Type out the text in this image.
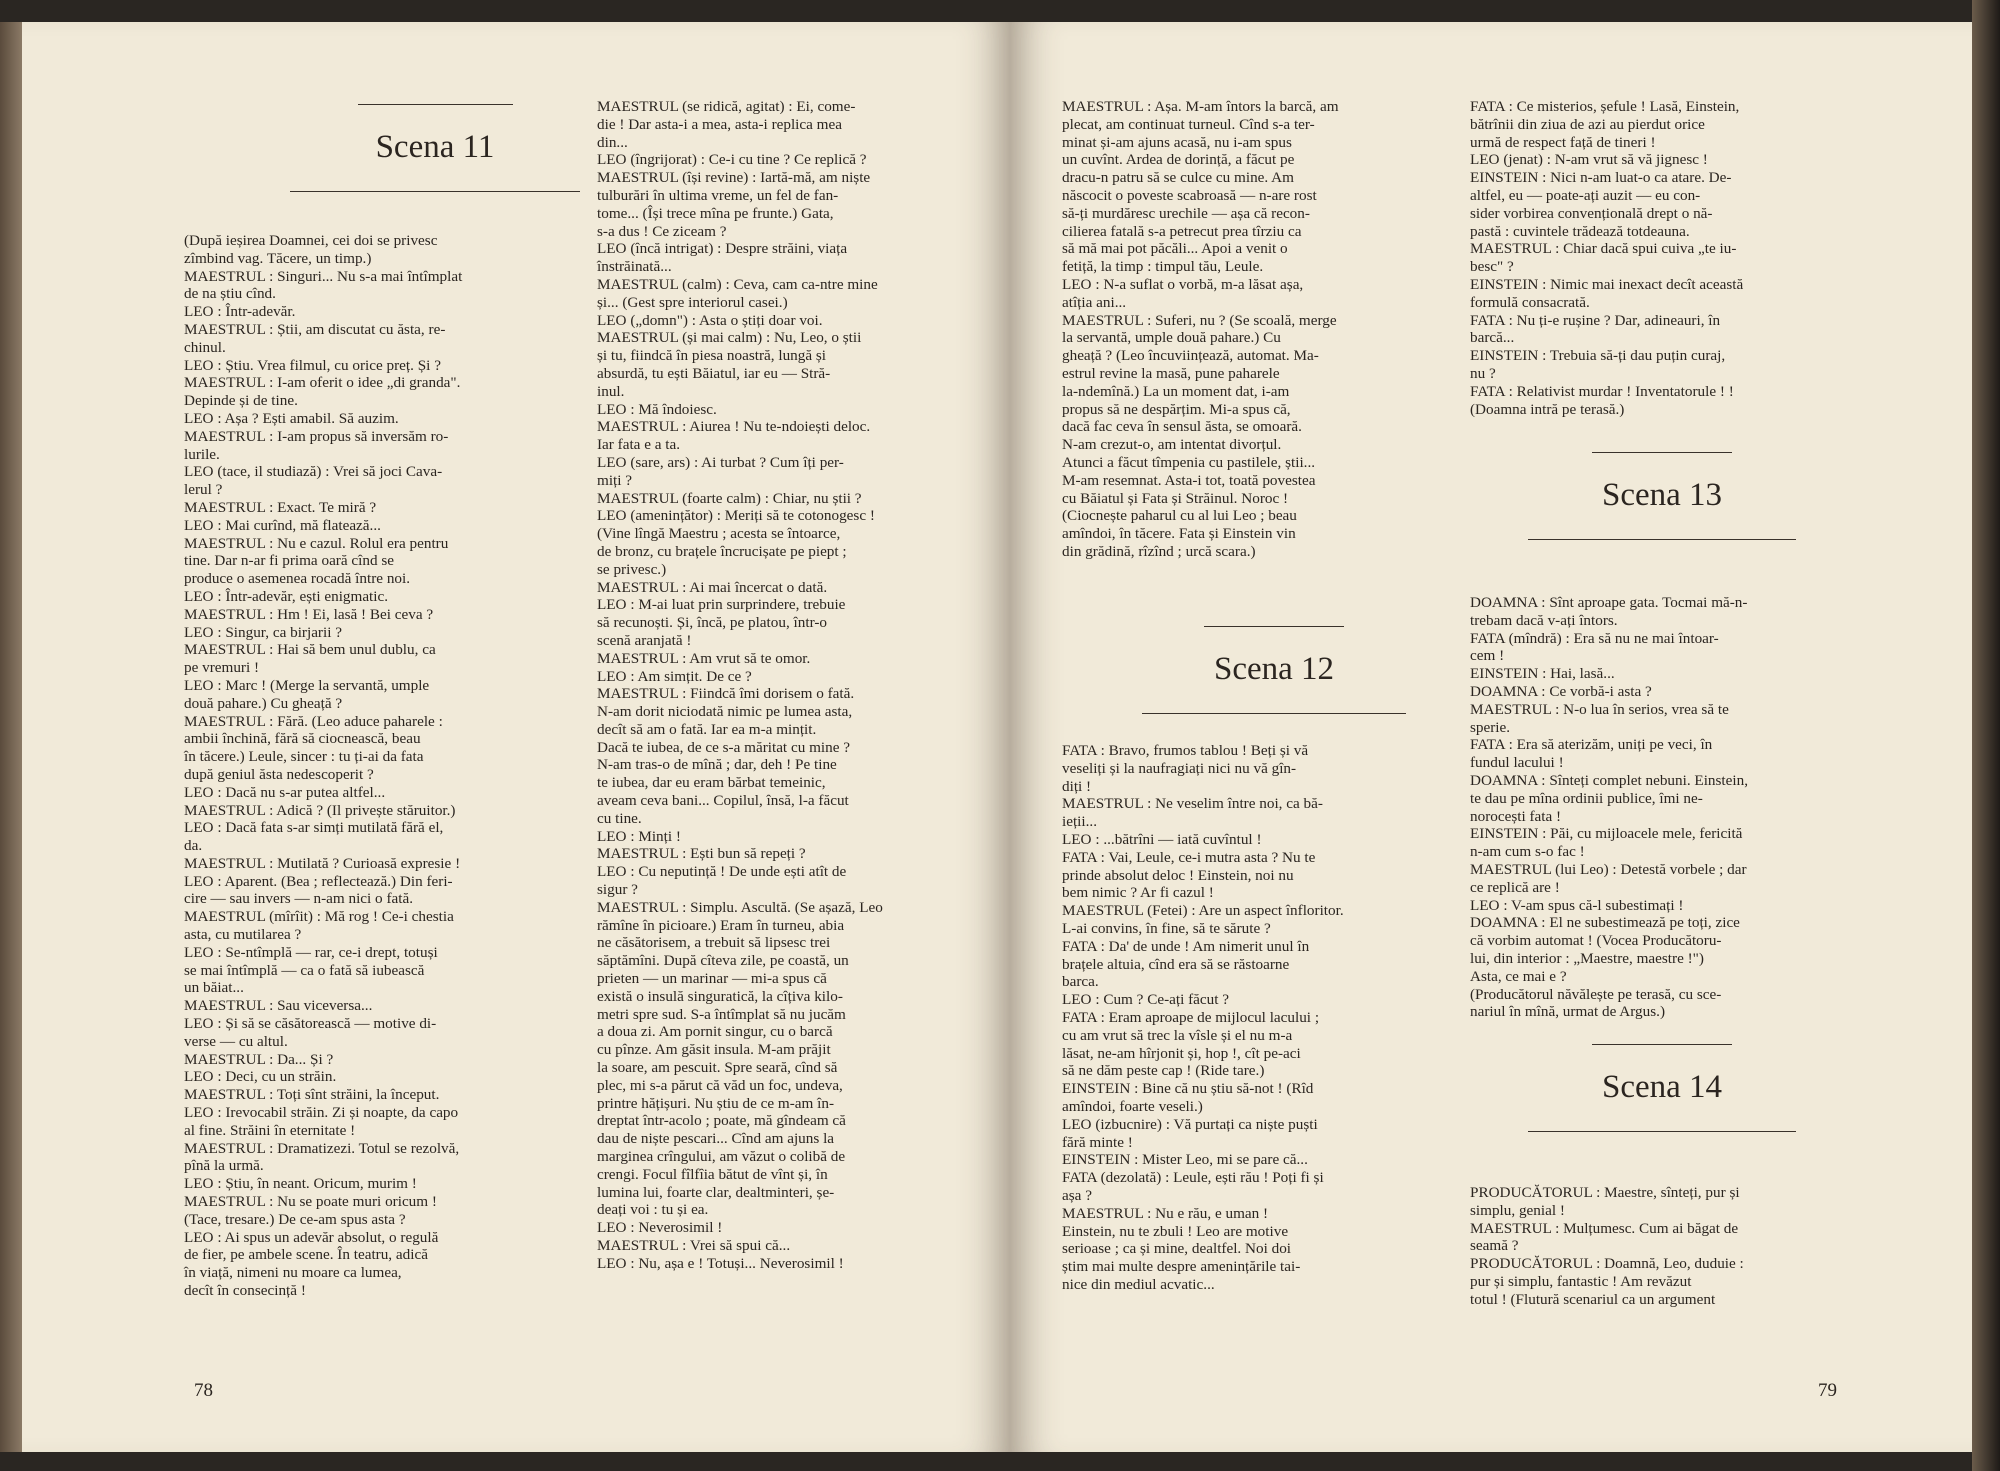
Scena 11

(După ieșirea Doamnei, cei doi se privesc

zîmbind vag. Tăcere, un timp.)

MAESTRUL : Singuri... Nu s-a mai întîmplat

de na știu cînd.

LEO : Într-adevăr.

MAESTRUL : Știi, am discutat cu ăsta, re-

chinul.

LEO : Știu. Vrea filmul, cu orice preț. Și ?

MAESTRUL : I-am oferit o idee „di granda".

Depinde și de tine.

LEO : Așa ? Ești amabil. Să auzim.

MAESTRUL : I-am propus să inversăm ro-

lurile.

LEO (tace, il studiază) : Vrei să joci Cava-

lerul ?

MAESTRUL : Exact. Te miră ?

LEO : Mai curînd, mă flatează...

MAESTRUL : Nu e cazul. Rolul era pentru

tine. Dar n-ar fi prima oară cînd se

produce o asemenea rocadă între noi.

LEO : Într-adevăr, ești enigmatic.

MAESTRUL : Hm ! Ei, lasă ! Bei ceva ?

LEO : Singur, ca birjarii ?

MAESTRUL : Hai să bem unul dublu, ca

pe vremuri !

LEO : Marc ! (Merge la servantă, umple

două pahare.) Cu gheață ?

MAESTRUL : Fără. (Leo aduce paharele :

ambii închină, fără să ciocnească, beau

în tăcere.) Leule, sincer : tu ți-ai da fata

după geniul ăsta nedescoperit ?

LEO : Dacă nu s-ar putea altfel...

MAESTRUL : Adică ? (Il privește stăruitor.)

LEO : Dacă fata s-ar simți mutilată fără el,

da.

MAESTRUL : Mutilată ? Curioasă expresie !

LEO : Aparent. (Bea ; reflectează.) Din feri-

cire — sau invers — n-am nici o fată.

MAESTRUL (mîrîit) : Mă rog ! Ce-i chestia

asta, cu mutilarea ?

LEO : Se-ntîmplă — rar, ce-i drept, totuși

se mai întîmplă — ca o fată să iubească

un băiat...

MAESTRUL : Sau viceversa...

LEO : Și să se căsătorească — motive di-

verse — cu altul.

MAESTRUL : Da... Și ?

LEO : Deci, cu un străin.

MAESTRUL : Toți sînt străini, la început.

LEO : Irevocabil străin. Zi și noapte, da capo

al fine. Străini în eternitate !

MAESTRUL : Dramatizezi. Totul se rezolvă,

pînă la urmă.

LEO : Știu, în neant. Oricum, murim !

MAESTRUL : Nu se poate muri oricum !

(Tace, tresare.) De ce-am spus asta ?

LEO : Ai spus un adevăr absolut, o regulă

de fier, pe ambele scene. În teatru, adică

în viață, nimeni nu moare ca lumea,

decît în consecință !

MAESTRUL (se ridică, agitat) : Ei, come-

die ! Dar asta-i a mea, asta-i replica mea

din...

LEO (îngrijorat) : Ce-i cu tine ? Ce replică ?

MAESTRUL (își revine) : Iartă-mă, am niște

tulburări în ultima vreme, un fel de fan-

tome... (Își trece mîna pe frunte.) Gata,

s-a dus ! Ce ziceam ?

LEO (încă intrigat) : Despre străini, viața

înstrăinată...

MAESTRUL (calm) : Ceva, cam ca-ntre mine

și... (Gest spre interiorul casei.)

LEO („domn") : Asta o știți doar voi.

MAESTRUL (și mai calm) : Nu, Leo, o știi

și tu, fiindcă în piesa noastră, lungă și

absurdă, tu ești Băiatul, iar eu — Stră-

inul.

LEO : Mă îndoiesc.

MAESTRUL : Aiurea ! Nu te-ndoiești deloc.

Iar fata e a ta.

LEO (sare, ars) : Ai turbat ? Cum îți per-

miți ?

MAESTRUL (foarte calm) : Chiar, nu știi ?

LEO (amenințător) : Meriți să te cotonogesc !

(Vine lîngă Maestru ; acesta se întoarce,

de bronz, cu brațele încrucișate pe piept ;

se privesc.)

MAESTRUL : Ai mai încercat o dată.

LEO : M-ai luat prin surprindere, trebuie

să recunoști. Și, încă, pe platou, într-o

scenă aranjată !

MAESTRUL : Am vrut să te omor.

LEO : Am simțit. De ce ?

MAESTRUL : Fiindcă îmi dorisem o fată.

N-am dorit niciodată nimic pe lumea asta,

decît să am o fată. Iar ea m-a mințit.

Dacă te iubea, de ce s-a măritat cu mine ?

N-am tras-o de mînă ; dar, deh ! Pe tine

te iubea, dar eu eram bărbat temeinic,

aveam ceva bani... Copilul, însă, l-a făcut

cu tine.

LEO : Minți !

MAESTRUL : Ești bun să repeți ?

LEO : Cu neputință ! De unde ești atît de

sigur ?

MAESTRUL : Simplu. Ascultă. (Se așază, Leo

rămîne în picioare.) Eram în turneu, abia

ne căsătorisem, a trebuit să lipsesc trei

săptămîni. După cîteva zile, pe coastă, un

prieten — un marinar — mi-a spus că

există o insulă singuratică, la cîțiva kilo-

metri spre sud. S-a întîmplat să nu jucăm

a doua zi. Am pornit singur, cu o barcă

cu pînze. Am găsit insula. M-am prăjit

la soare, am pescuit. Spre seară, cînd să

plec, mi s-a părut că văd un foc, undeva,

printre hățișuri. Nu știu de ce m-am în-

dreptat într-acolo ; poate, mă gîndeam că

dau de niște pescari... Cînd am ajuns la

marginea crîngului, am văzut o colibă de

crengi. Focul fîlfîia bătut de vînt și, în

lumina lui, foarte clar, dealtminteri, șe-

deați voi : tu și ea.

LEO : Neverosimil !

MAESTRUL : Vrei să spui că...

LEO : Nu, așa e ! Totuși... Neverosimil !

78

MAESTRUL : Așa. M-am întors la barcă, am

plecat, am continuat turneul. Cînd s-a ter-

minat și-am ajuns acasă, nu i-am spus

un cuvînt. Ardea de dorință, a făcut pe

dracu-n patru să se culce cu mine. Am

născocit o poveste scabroasă — n-are rost

să-ți murdăresc urechile — așa că recon-

cilierea fatală s-a petrecut prea tîrziu ca

să mă mai pot păcăli... Apoi a venit o

fetiță, la timp : timpul tău, Leule.

LEO : N-a suflat o vorbă, m-a lăsat așa,

atîția ani...

MAESTRUL : Suferi, nu ? (Se scoală, merge

la servantă, umple două pahare.) Cu

gheață ? (Leo încuviințează, automat. Ma-

estrul revine la masă, pune paharele

la-ndemînă.) La un moment dat, i-am

propus să ne despărțim. Mi-a spus că,

dacă fac ceva în sensul ăsta, se omoară.

N-am crezut-o, am intentat divorțul.

Atunci a făcut tîmpenia cu pastilele, știi...

M-am resemnat. Asta-i tot, toată povestea

cu Băiatul și Fata și Străinul. Noroc !

(Ciocnește paharul cu al lui Leo ; beau

amîndoi, în tăcere. Fata și Einstein vin

din grădină, rîzînd ; urcă scara.)

Scena 12

FATA : Bravo, frumos tablou ! Beți și vă

veseliți și la naufragiați nici nu vă gîn-

diți !

MAESTRUL : Ne veselim între noi, ca bă-

ieții...

LEO : ...bătrîni — iată cuvîntul !

FATA : Vai, Leule, ce-i mutra asta ? Nu te

prinde absolut deloc ! Einstein, noi nu

bem nimic ? Ar fi cazul !

MAESTRUL (Fetei) : Are un aspect înfloritor.

L-ai convins, în fine, să te sărute ?

FATA : Da' de unde ! Am nimerit unul în

brațele altuia, cînd era să se răstoarne

barca.

LEO : Cum ? Ce-ați făcut ?

FATA : Eram aproape de mijlocul lacului ;

cu am vrut să trec la vîsle și el nu m-a

lăsat, ne-am hîrjonit și, hop !, cît pe-aci

să ne dăm peste cap ! (Ride tare.)

EINSTEIN : Bine că nu știu să-not ! (Rîd

amîndoi, foarte veseli.)

LEO (izbucnire) : Vă purtați ca niște puști

fără minte !

EINSTEIN : Mister Leo, mi se pare că...

FATA (dezolată) : Leule, ești rău ! Poți fi și

așa ?

MAESTRUL : Nu e rău, e uman !

Einstein, nu te zbuli ! Leo are motive

serioase ; ca și mine, dealtfel. Noi doi

știm mai multe despre amenințările tai-

nice din mediul acvatic...

FATA : Ce misterios, șefule ! Lasă, Einstein,

bătrînii din ziua de azi au pierdut orice

urmă de respect față de tineri !

LEO (jenat) : N-am vrut să vă jignesc !

EINSTEIN : Nici n-am luat-o ca atare. De-

altfel, eu — poate-ați auzit — eu con-

sider vorbirea convențională drept o nă-

pastă : cuvintele trădează totdeauna.

MAESTRUL : Chiar dacă spui cuiva „te iu-

besc" ?

EINSTEIN : Nimic mai inexact decît această

formulă consacrată.

FATA : Nu ți-e rușine ? Dar, adineauri, în

barcă...

EINSTEIN : Trebuia să-ți dau puțin curaj,

nu ?

FATA : Relativist murdar ! Inventatorule ! !

(Doamna intră pe terasă.)

Scena 13

DOAMNA : Sînt aproape gata. Tocmai mă-n-

trebam dacă v-ați întors.

FATA (mîndră) : Era să nu ne mai întoar-

cem !

EINSTEIN : Hai, lasă...

DOAMNA : Ce vorbă-i asta ?

MAESTRUL : N-o lua în serios, vrea să te

sperie.

FATA : Era să aterizăm, uniți pe veci, în

fundul lacului !

DOAMNA : Sînteți complet nebuni. Einstein,

te dau pe mîna ordinii publice, îmi ne-

norocești fata !

EINSTEIN : Păi, cu mijloacele mele, fericită

n-am cum s-o fac !

MAESTRUL (lui Leo) : Detestă vorbele ; dar

ce replică are !

LEO : V-am spus că-l subestimați !

DOAMNA : El ne subestimează pe toți, zice

că vorbim automat ! (Vocea Producătoru-

lui, din interior : „Maestre, maestre !")

Asta, ce mai e ?

(Producătorul năvălește pe terasă, cu sce-

nariul în mînă, urmat de Argus.)

Scena 14

PRODUCĂTORUL : Maestre, sînteți, pur și

simplu, genial !

MAESTRUL : Mulțumesc. Cum ai băgat de

seamă ?

PRODUCĂTORUL : Doamnă, Leo, duduie :

pur și simplu, fantastic ! Am revăzut

totul ! (Flutură scenariul ca un argument

79
